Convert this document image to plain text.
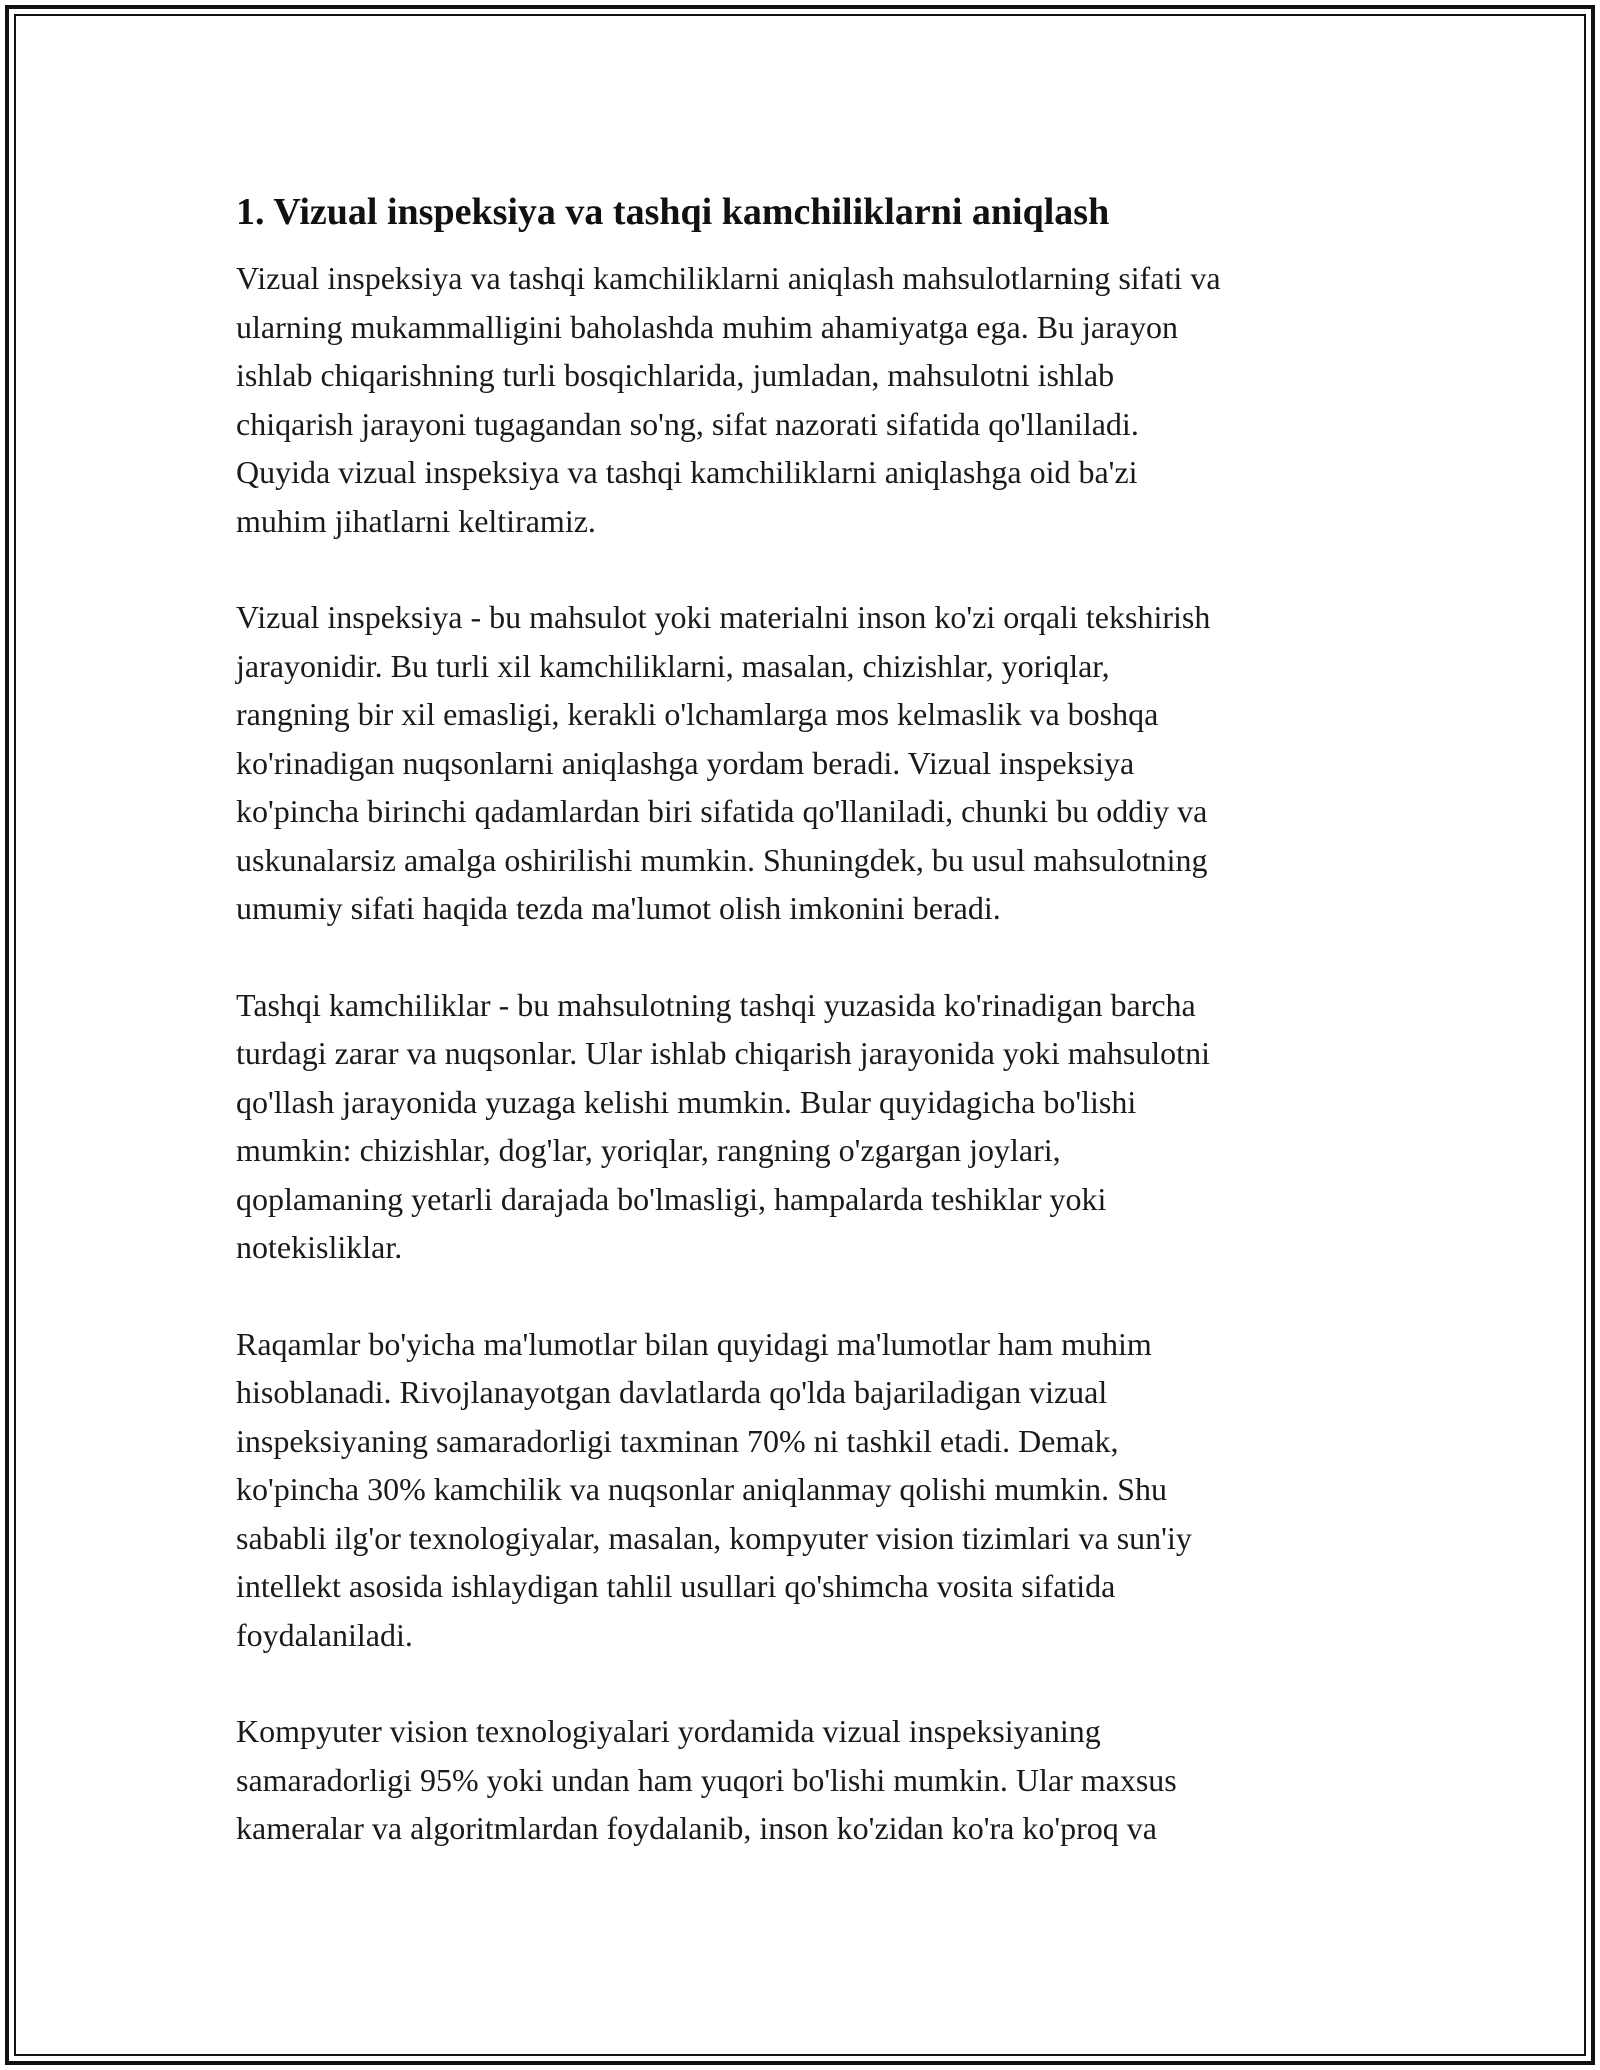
1. Vizual inspeksiya va tashqi kamchiliklarni aniqlash

Vizual inspeksiya va tashqi kamchiliklarni aniqlash mahsulotlarning sifati va
ularning mukammalligini baholashda muhim ahamiyatga ega. Bu jarayon
ishlab chiqarishning turli bosqichlarida, jumladan, mahsulotni ishlab
chiqarish jarayoni tugagandan so'ng, sifat nazorati sifatida qo'llaniladi.
Quyida vizual inspeksiya va tashqi kamchiliklarni aniqlashga oid ba'zi
muhim jihatlarni keltiramiz.

Vizual inspeksiya - bu mahsulot yoki materialni inson ko'zi orqali tekshirish
jarayonidir. Bu turli xil kamchiliklarni, masalan, chizishlar, yoriqlar,
rangning bir xil emasligi, kerakli o'lchamlarga mos kelmaslik va boshqa
ko'rinadigan nuqsonlarni aniqlashga yordam beradi. Vizual inspeksiya
ko'pincha birinchi qadamlardan biri sifatida qo'llaniladi, chunki bu oddiy va
uskunalarsiz amalga oshirilishi mumkin. Shuningdek, bu usul mahsulotning
umumiy sifati haqida tezda ma'lumot olish imkonini beradi.

Tashqi kamchiliklar - bu mahsulotning tashqi yuzasida ko'rinadigan barcha
turdagi zarar va nuqsonlar. Ular ishlab chiqarish jarayonida yoki mahsulotni
qo'llash jarayonida yuzaga kelishi mumkin. Bular quyidagicha bo'lishi
mumkin: chizishlar, dog'lar, yoriqlar, rangning o'zgargan joylari,
qoplamaning yetarli darajada bo'lmasligi, hampalarda teshiklar yoki
notekisliklar.

Raqamlar bo'yicha ma'lumotlar bilan quyidagi ma'lumotlar ham muhim
hisoblanadi. Rivojlanayotgan davlatlarda qo'lda bajariladigan vizual
inspeksiyaning samaradorligi taxminan 70% ni tashkil etadi. Demak,
ko'pincha 30% kamchilik va nuqsonlar aniqlanmay qolishi mumkin. Shu
sababli ilg'or texnologiyalar, masalan, kompyuter vision tizimlari va sun'iy
intellekt asosida ishlaydigan tahlil usullari qo'shimcha vosita sifatida
foydalaniladi.

Kompyuter vision texnologiyalari yordamida vizual inspeksiyaning
samaradorligi 95% yoki undan ham yuqori bo'lishi mumkin. Ular maxsus
kameralar va algoritmlardan foydalanib, inson ko'zidan ko'ra ko'proq va
